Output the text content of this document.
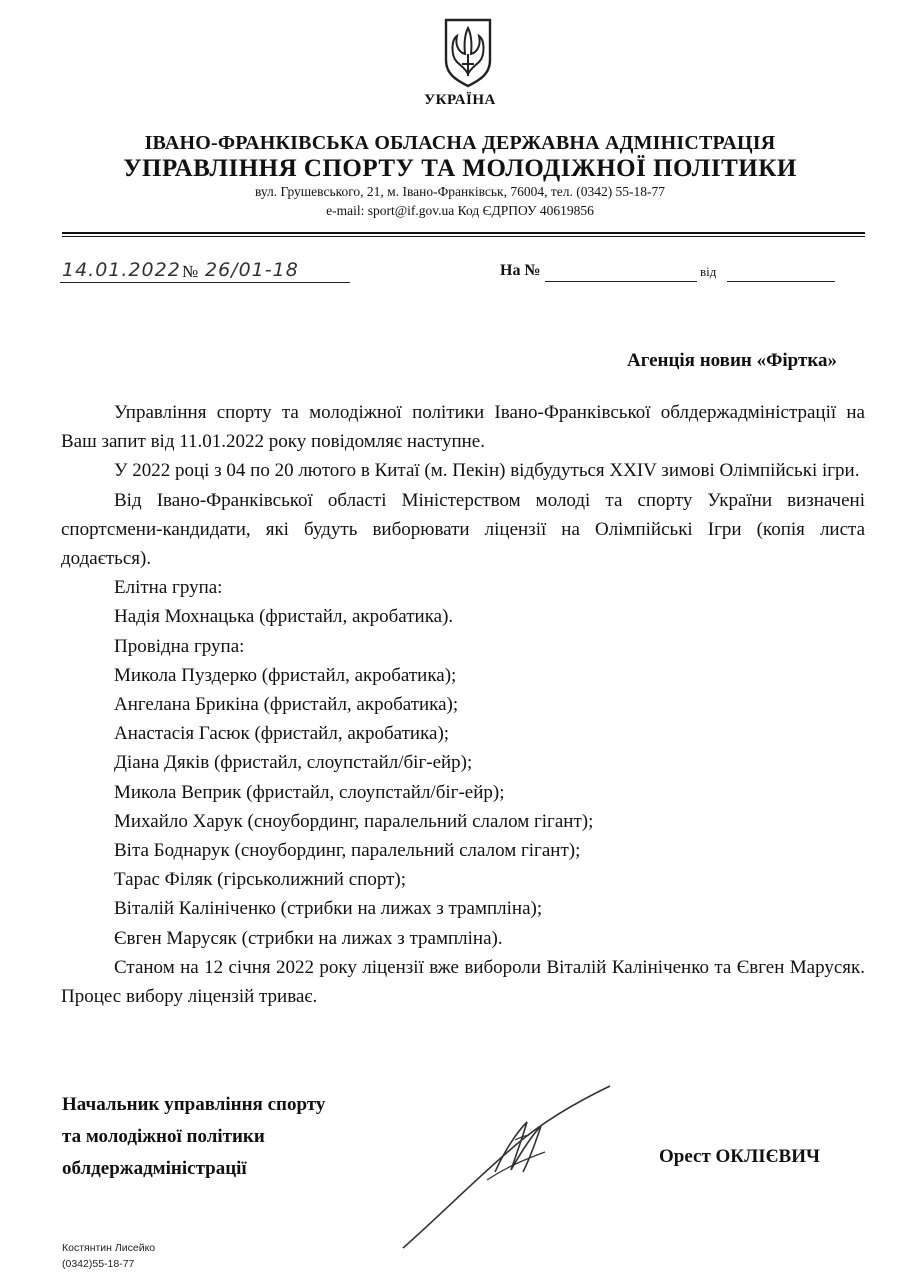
УКРАЇНА
ІВАНО-ФРАНКІВСЬКА ОБЛАСНА ДЕРЖАВНА АДМІНІСТРАЦІЯ
УПРАВЛІННЯ СПОРТУ ТА МОЛОДІЖНОЇ ПОЛІТИКИ
вул. Грушевського, 21, м. Івано-Франківськ, 76004, тел. (0342) 55-18-77
e-mail: sport@if.gov.ua Код ЄДРПОУ 40619856
14.01.2022 № 26/01-18	На №	від
Агенція новин «Фіртка»

Управління спорту та молодіжної політики Івано-Франківської облдержадміністрації на Ваш запит від 11.01.2022 року повідомляє наступне.

У 2022 році з 04 по 20 лютого в Китаї (м. Пекін) відбудуться XXIV зимові Олімпійські ігри.

Від Івано-Франківської області Міністерством молоді та спорту України визначені спортсмени-кандидати, які будуть виборювати ліцензії на Олімпійські Ігри (копія листа додається).

Елітна група:
Надія Мохнацька (фристайл, акробатика).
Провідна група:
Микола Пуздерко (фристайл, акробатика);
Ангелана Брикіна (фристайл, акробатика);
Анастасія Гасюк (фристайл, акробатика);
Діана Дяків (фристайл, слоупстайл/біг-ейр);
Микола Веприк (фристайл, слоупстайл/біг-ейр);
Михайло Харук (сноубординг, паралельний слалом гігант);
Віта Боднарук (сноубординг, паралельний слалом гігант);
Тарас Філяк (гірськолижний спорт);
Віталій Калініченко (стрибки на лижах з трампліна);
Євген Марусяк (стрибки на лижах з трампліна).

Станом на 12 січня 2022 року ліцензії вже вибороли Віталій Калініченко та Євген Марусяк. Процес вибору ліцензій триває.

Начальник управління спорту
та молодіжної політики
облдержадміністрації
Орест ОКЛІЄВИЧ
Костянтин Лисейко
(0342)55-18-77
